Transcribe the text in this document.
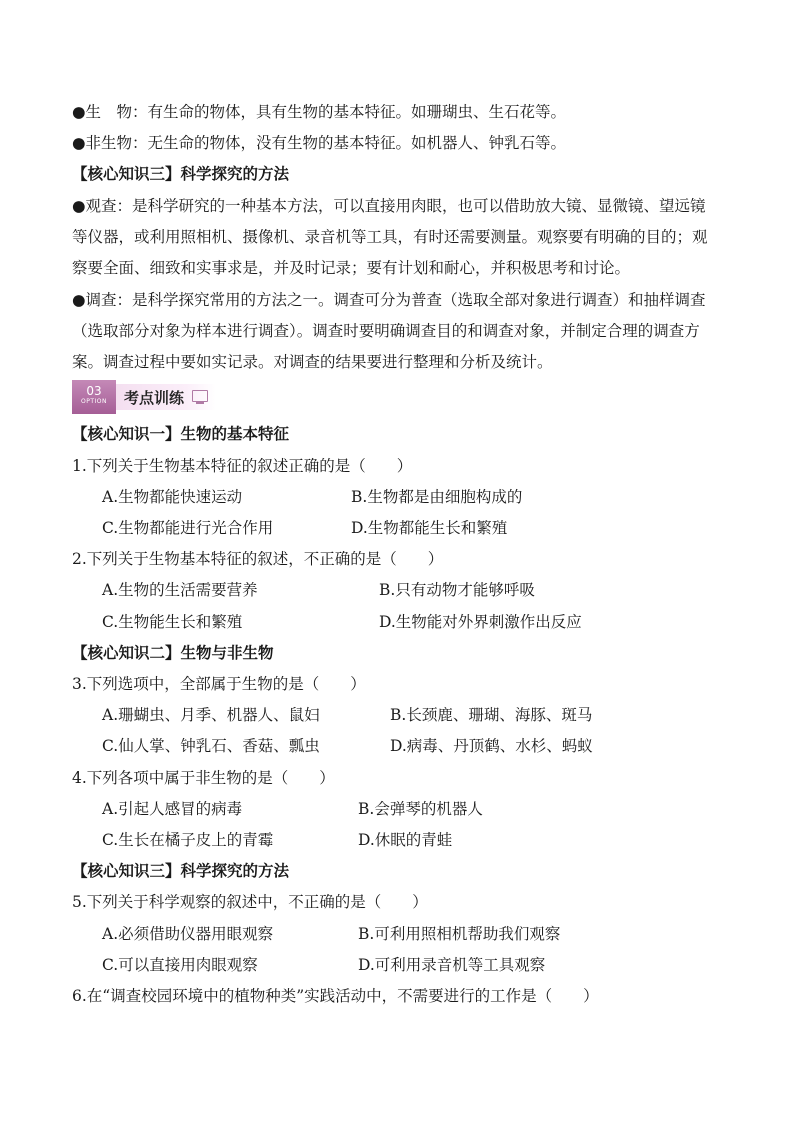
●生　物：有生命的物体，具有生物的基本特征。如珊瑚虫、生石花等。
●非生物：无生命的物体，没有生物的基本特征。如机器人、钟乳石等。
【核心知识三】科学探究的方法
●观查：是科学研究的一种基本方法，可以直接用肉眼，也可以借助放大镜、显微镜、望远镜
等仪器，或利用照相机、摄像机、录音机等工具，有时还需要测量。观察要有明确的目的；观
察要全面、细致和实事求是，并及时记录；要有计划和耐心，并积极思考和讨论。
●调查：是科学探究常用的方法之一。调查可分为普查（选取全部对象进行调查）和抽样调查
（选取部分对象为样本进行调查）。调查时要明确调查目的和调查对象，并制定合理的调查方
案。调查过程中要如实记录。对调查的结果要进行整理和分析及统计。
03
OPTION	考点训练
【核心知识一】生物的基本特征
1.下列关于生物基本特征的叙述正确的是（　　）
A.生物都能快速运动	B.生物都是由细胞构成的
C.生物都能进行光合作用	D.生物都能生长和繁殖
2.下列关于生物基本特征的叙述，不正确的是（　　）
A.生物的生活需要营养	B.只有动物才能够呼吸
C.生物能生长和繁殖	D.生物能对外界刺激作出反应
【核心知识二】生物与非生物
3.下列选项中，全部属于生物的是（　　）
A.珊蝴虫、月季、机器人、鼠妇	B.长颈鹿、珊瑚、海豚、斑马
C.仙人掌、钟乳石、香菇、瓢虫	D.病毒、丹顶鹤、水杉、蚂蚁
4.下列各项中属于非生物的是（　　）
A.引起人感冒的病毒	B.会弹琴的机器人
C.生长在橘子皮上的青霉	D.休眠的青蛙
【核心知识三】科学探究的方法
5.下列关于科学观察的叙述中，不正确的是（　　）
A.必须借助仪器用眼观察	B.可利用照相机帮助我们观察
C.可以直接用肉眼观察	D.可利用录音机等工具观察
6.在“调查校园环境中的植物种类”实践活动中，不需要进行的工作是（　　）
